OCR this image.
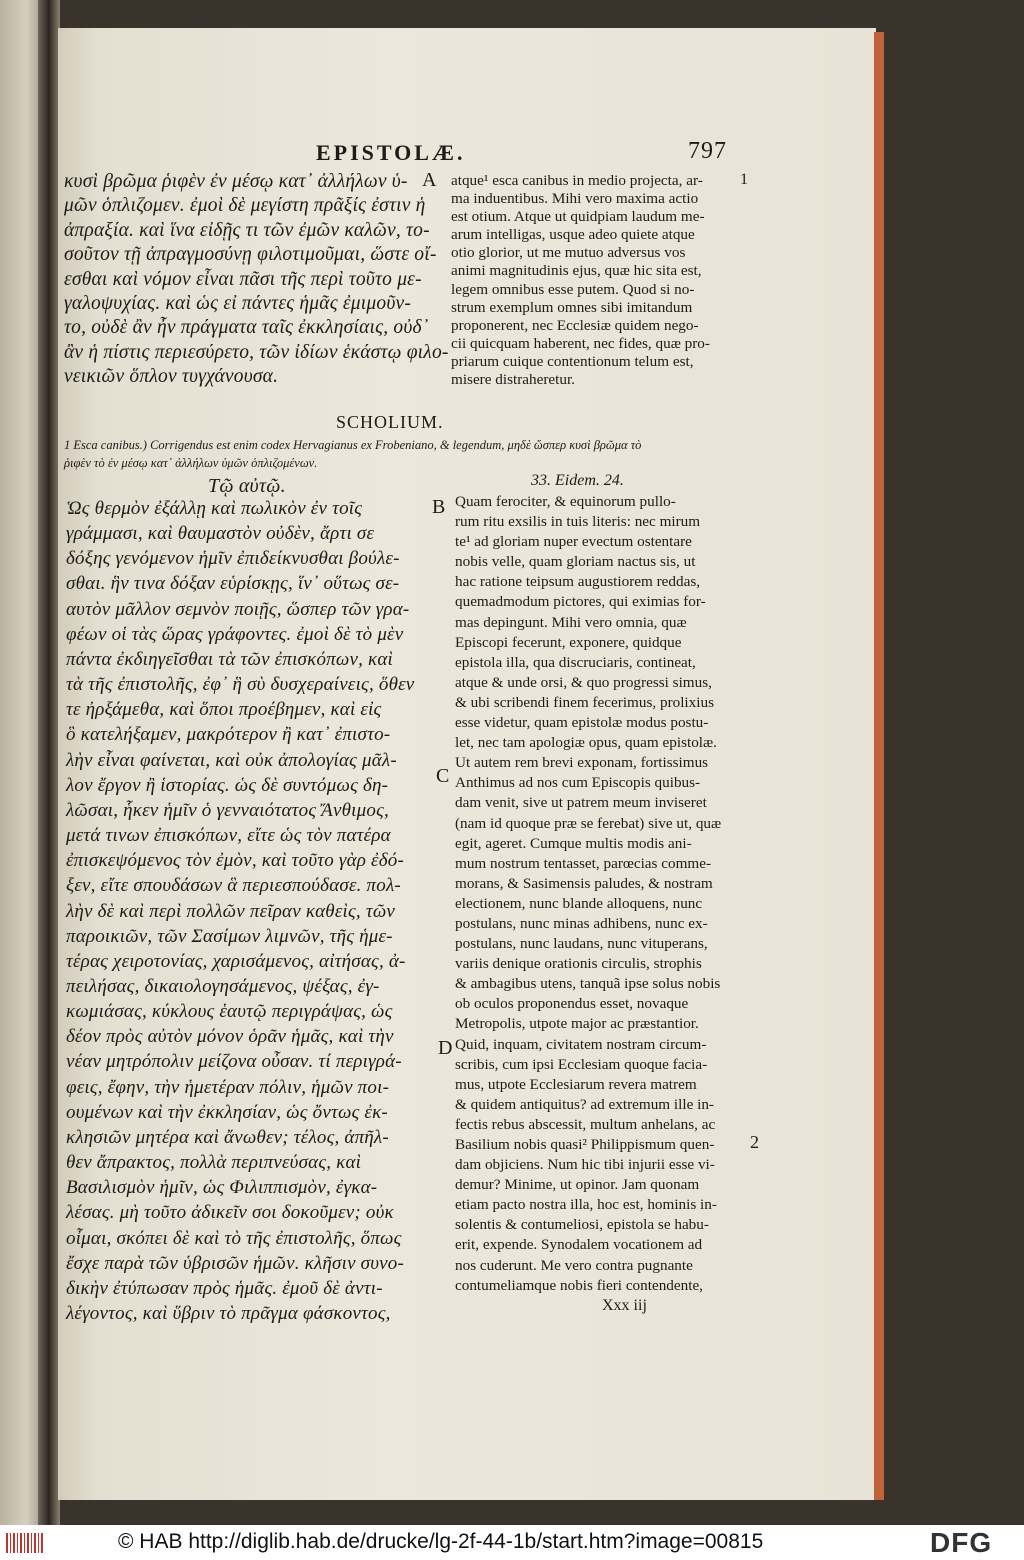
EPISTOLÆ.	797
κυσὶ βρῶμα ῥιφὲν ἐν μέσῳ κατ᾽ ἀλλήλων ὑ-
μῶν ὁπλιζομεν. ἐμοὶ δὲ μεγίστη πρᾶξίς ἐστιν ἡ
ἀπραξία. καὶ ἵνα εἰδῇς τι τῶν ἐμῶν καλῶν, το-
σοῦτον τῇ ἀπραγμοσύνῃ φιλοτιμοῦμαι, ὥστε οἴ-
εσθαι καὶ νόμον εἶναι πᾶσι τῆς περὶ τοῦτο με-
γαλοψυχίας. καὶ ὡς εἰ πάντες ἡμᾶς ἐμιμοῦν-
το, οὐδὲ ἂν ἦν πράγματα ταῖς ἐκκλησίαις, οὐδ᾽
ἂν ἡ πίστις περιεσύρετο, τῶν ἰδίων ἑκάστῳ φιλο-
νεικιῶν ὅπλον τυγχάνουσα.
A atque¹ esca canibus in medio projecta, ar-
ma induentibus. Mihi vero maxima actio
est otium. Atque ut quidpiam laudum me-
arum intelligas, usque adeo quiete atque
otio glorior, ut me mutuo adversus vos
animi magnitudinis ejus, quæ hic sita est,
legem omnibus esse putem. Quod si no-
strum exemplum omnes sibi imitandum
proponerent, nec Ecclesiæ quidem nego-
cii quicquam haberent, nec fides, quæ pro-
priarum cuique contentionum telum est,
misere distraheretur.
1
SCHOLIUM.
1 Esca canibus.) Corrigendus est enim codex Hervagianus ex Frobeniano, & legendum, μηδὲ ὥσπερ κυσὶ βρῶμα τὸ
ῥιφὲν τὸ ἐν μέσῳ κατ᾽ ἀλλήλων ὑμῶν ὁπλιζομένων.
Τῷ αὐτῷ.	33. Eidem. 24.
Ὡς θερμὸν ἐξάλλῃ καὶ πωλικὸν ἐν τοῖς
γράμμασι, καὶ θαυμαστὸν οὐδὲν, ἄρτι σε
δόξης γενόμενον ἡμῖν ἐπιδείκνυσθαι βούλε-
σθαι. ἣν τινα δόξαν εὑρίσκῃς, ἵν᾽ οὕτως σε-
αυτὸν μᾶλλον σεμνὸν ποιῇς, ὥσπερ τῶν γρα-
φέων οἱ τὰς ὥρας γράφοντες. ἐμοὶ δὲ τὸ μὲν
πάντα ἐκδιηγεῖσθαι τὰ τῶν ἐπισκόπων, καὶ
τὰ τῆς ἐπιστολῆς, ἐφ᾽ ἣ σὺ δυσχεραίνεις, ὅθεν
τε ἠρξάμεθα, καὶ ὅποι προέβημεν, καὶ εἰς
ὃ κατελήξαμεν, μακρότερον ἢ κατ᾽ ἐπιστο-
λὴν εἶναι φαίνεται, καὶ οὐκ ἀπολογίας μᾶλ-
λον ἔργον ἢ ἱστορίας. ὡς δὲ συντόμως δη-
λῶσαι, ἧκεν ἡμῖν ὁ γενναιότατος Ἄνθιμος,
μετά τινων ἐπισκόπων, εἴτε ὡς τὸν πατέρα
ἐπισκεψόμενος τὸν ἐμὸν, καὶ τοῦτο γὰρ ἐδό-
ξεν, εἴτε σπουδάσων ἃ περιεσπούδασε. πολ-
λὴν δὲ καὶ περὶ πολλῶν πεῖραν καθεὶς, τῶν
παροικιῶν, τῶν Σασίμων λιμνῶν, τῆς ἡμε-
τέρας χειροτονίας, χαρισάμενος, αἰτήσας, ἀ-
πειλήσας, δικαιολογησάμενος, ψέξας, ἐγ-
κωμιάσας, κύκλους ἑαυτῷ περιγράψας, ὡς
δέον πρὸς αὐτὸν μόνον ὁρᾶν ἡμᾶς, καὶ τὴν
νέαν μητρόπολιν μείζονα οὖσαν. τί περιγρά-
φεις, ἔφην, τὴν ἡμετέραν πόλιν, ἡμῶν ποι-
ουμένων καὶ τὴν ἐκκλησίαν, ὡς ὄντως ἐκ-
κλησιῶν μητέρα καὶ ἄνωθεν; τέλος, ἀπῆλ-
θεν ἄπρακτος, πολλὰ περιπνεύσας, καὶ
Βασιλισμὸν ἡμῖν, ὡς Φιλιππισμὸν, ἐγκα-
λέσας. μὴ τοῦτο ἀδικεῖν σοι δοκοῦμεν; οὐκ
οἶμαι, σκόπει δὲ καὶ τὸ τῆς ἐπιστολῆς, ὅπως
ἔσχε παρὰ τῶν ὑβρισῶν ἡμῶν. κλῆσιν συνο-
δικὴν ἐτύπωσαν πρὸς ἡμᾶς. ἐμοῦ δὲ ἀντι-
λέγοντος, καὶ ὕβριν τὸ πρᾶγμα φάσκοντος,
B
C
D
Quam ferociter, & equinorum pullo-
rum ritu exsilis in tuis literis: nec mirum
te¹ ad gloriam nuper evectum ostentare
nobis velle, quam gloriam nactus sis, ut
hac ratione teipsum augustiorem reddas,
quemadmodum pictores, qui eximias for-
mas depingunt. Mihi vero omnia, quæ
Episcopi fecerunt, exponere, quidque
epistola illa, qua discruciaris, contineat,
atque & unde orsi, & quo progressi simus,
& ubi scribendi finem fecerimus, prolixius
esse videtur, quam epistolæ modus postu-
let, nec tam apologiæ opus, quam epistolæ.
Ut autem rem brevi exponam, fortissimus
Anthimus ad nos cum Episcopis quibus-
dam venit, sive ut patrem meum inviseret
(nam id quoque præ se ferebat) sive ut, quæ
egit, ageret. Cumque multis modis ani-
mum nostrum tentasset, parœcias comme-
morans, & Sasimensis paludes, & nostram
electionem, nunc blande alloquens, nunc
postulans, nunc minas adhibens, nunc ex-
postulans, nunc laudans, nunc vituperans,
variis denique orationis circulis, strophis
& ambagibus utens, tanquã ipse solus nobis
ob oculos proponendus esset, novaque
Metropolis, utpote major ac præstantior.
Quid, inquam, civitatem nostram circum-
scribis, cum ipsi Ecclesiam quoque facia-
mus, utpote Ecclesiarum revera matrem
& quidem antiquitus? ad extremum ille in-
fectis rebus abscessit, multum anhelans, ac
Basilium nobis quasi² Philippismum quen-
dam objiciens. Num hic tibi injurii esse vi-
demur? Minime, ut opinor. Jam quonam
etiam pacto nostra illa, hoc est, hominis in-
solentis & contumeliosi, epistola se habu-
erit, expende. Synodalem vocationem ad
nos cuderunt. Me vero contra pugnante
contumeliamque nobis fieri contendente,
2
Xxx iij
© HAB http://diglib.hab.de/drucke/lg-2f-44-1b/start.htm?image=00815	DFG
